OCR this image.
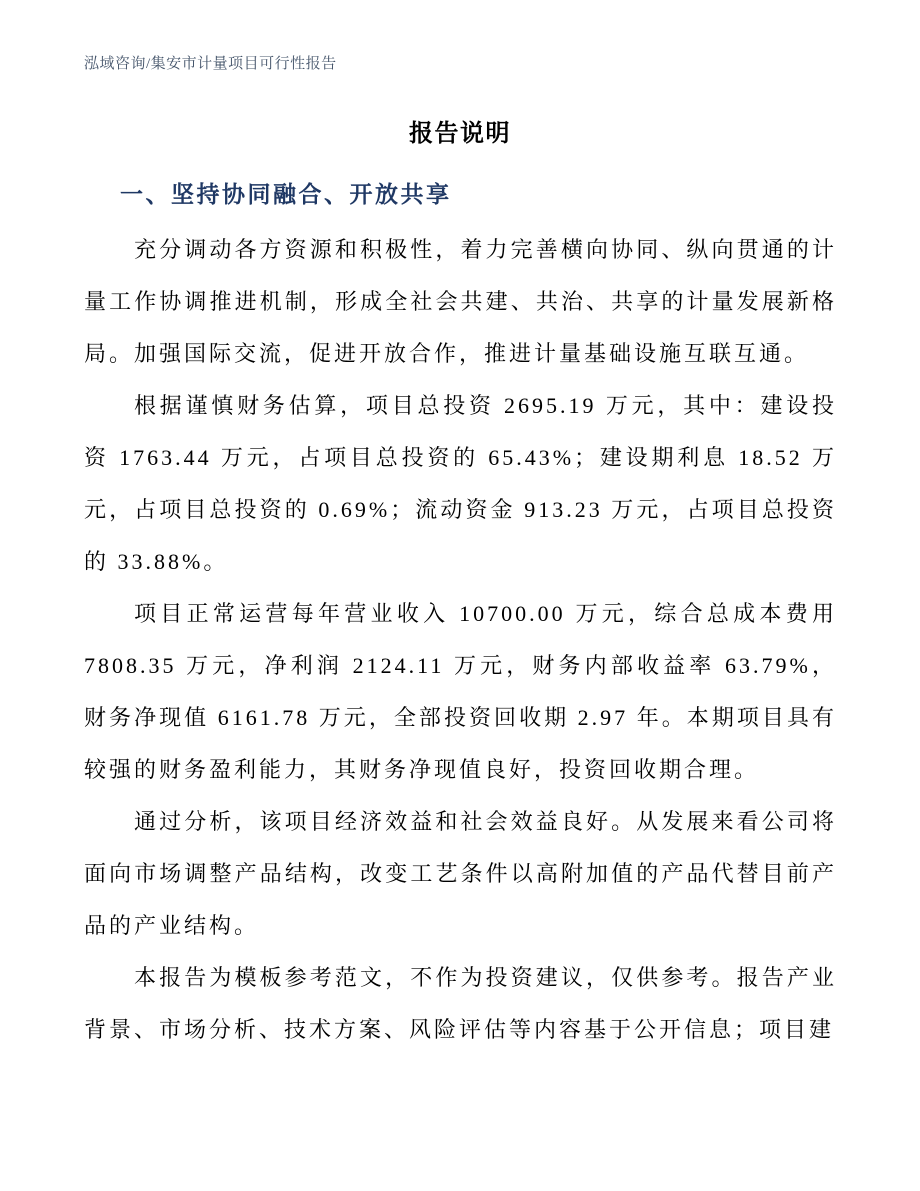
泓域咨询/集安市计量项目可行性报告
报告说明
一、坚持协同融合、开放共享

充分调动各方资源和积极性，着力完善横向协同、纵向贯通的计量工作协调推进机制，形成全社会共建、共治、共享的计量发展新格局。加强国际交流，促进开放合作，推进计量基础设施互联互通。

根据谨慎财务估算，项目总投资 2695.19 万元，其中：建设投资 1763.44 万元，占项目总投资的 65.43%；建设期利息 18.52 万元，占项目总投资的 0.69%；流动资金 913.23 万元，占项目总投资的 33.88%。

项目正常运营每年营业收入 10700.00 万元，综合总成本费用 7808.35 万元，净利润 2124.11 万元，财务内部收益率 63.79%，财务净现值 6161.78 万元，全部投资回收期 2.97 年。本期项目具有较强的财务盈利能力，其财务净现值良好，投资回收期合理。

通过分析，该项目经济效益和社会效益良好。从发展来看公司将面向市场调整产品结构，改变工艺条件以高附加值的产品代替目前产品的产业结构。

本报告为模板参考范文，不作为投资建议，仅供参考。报告产业背景、市场分析、技术方案、风险评估等内容基于公开信息；项目建
